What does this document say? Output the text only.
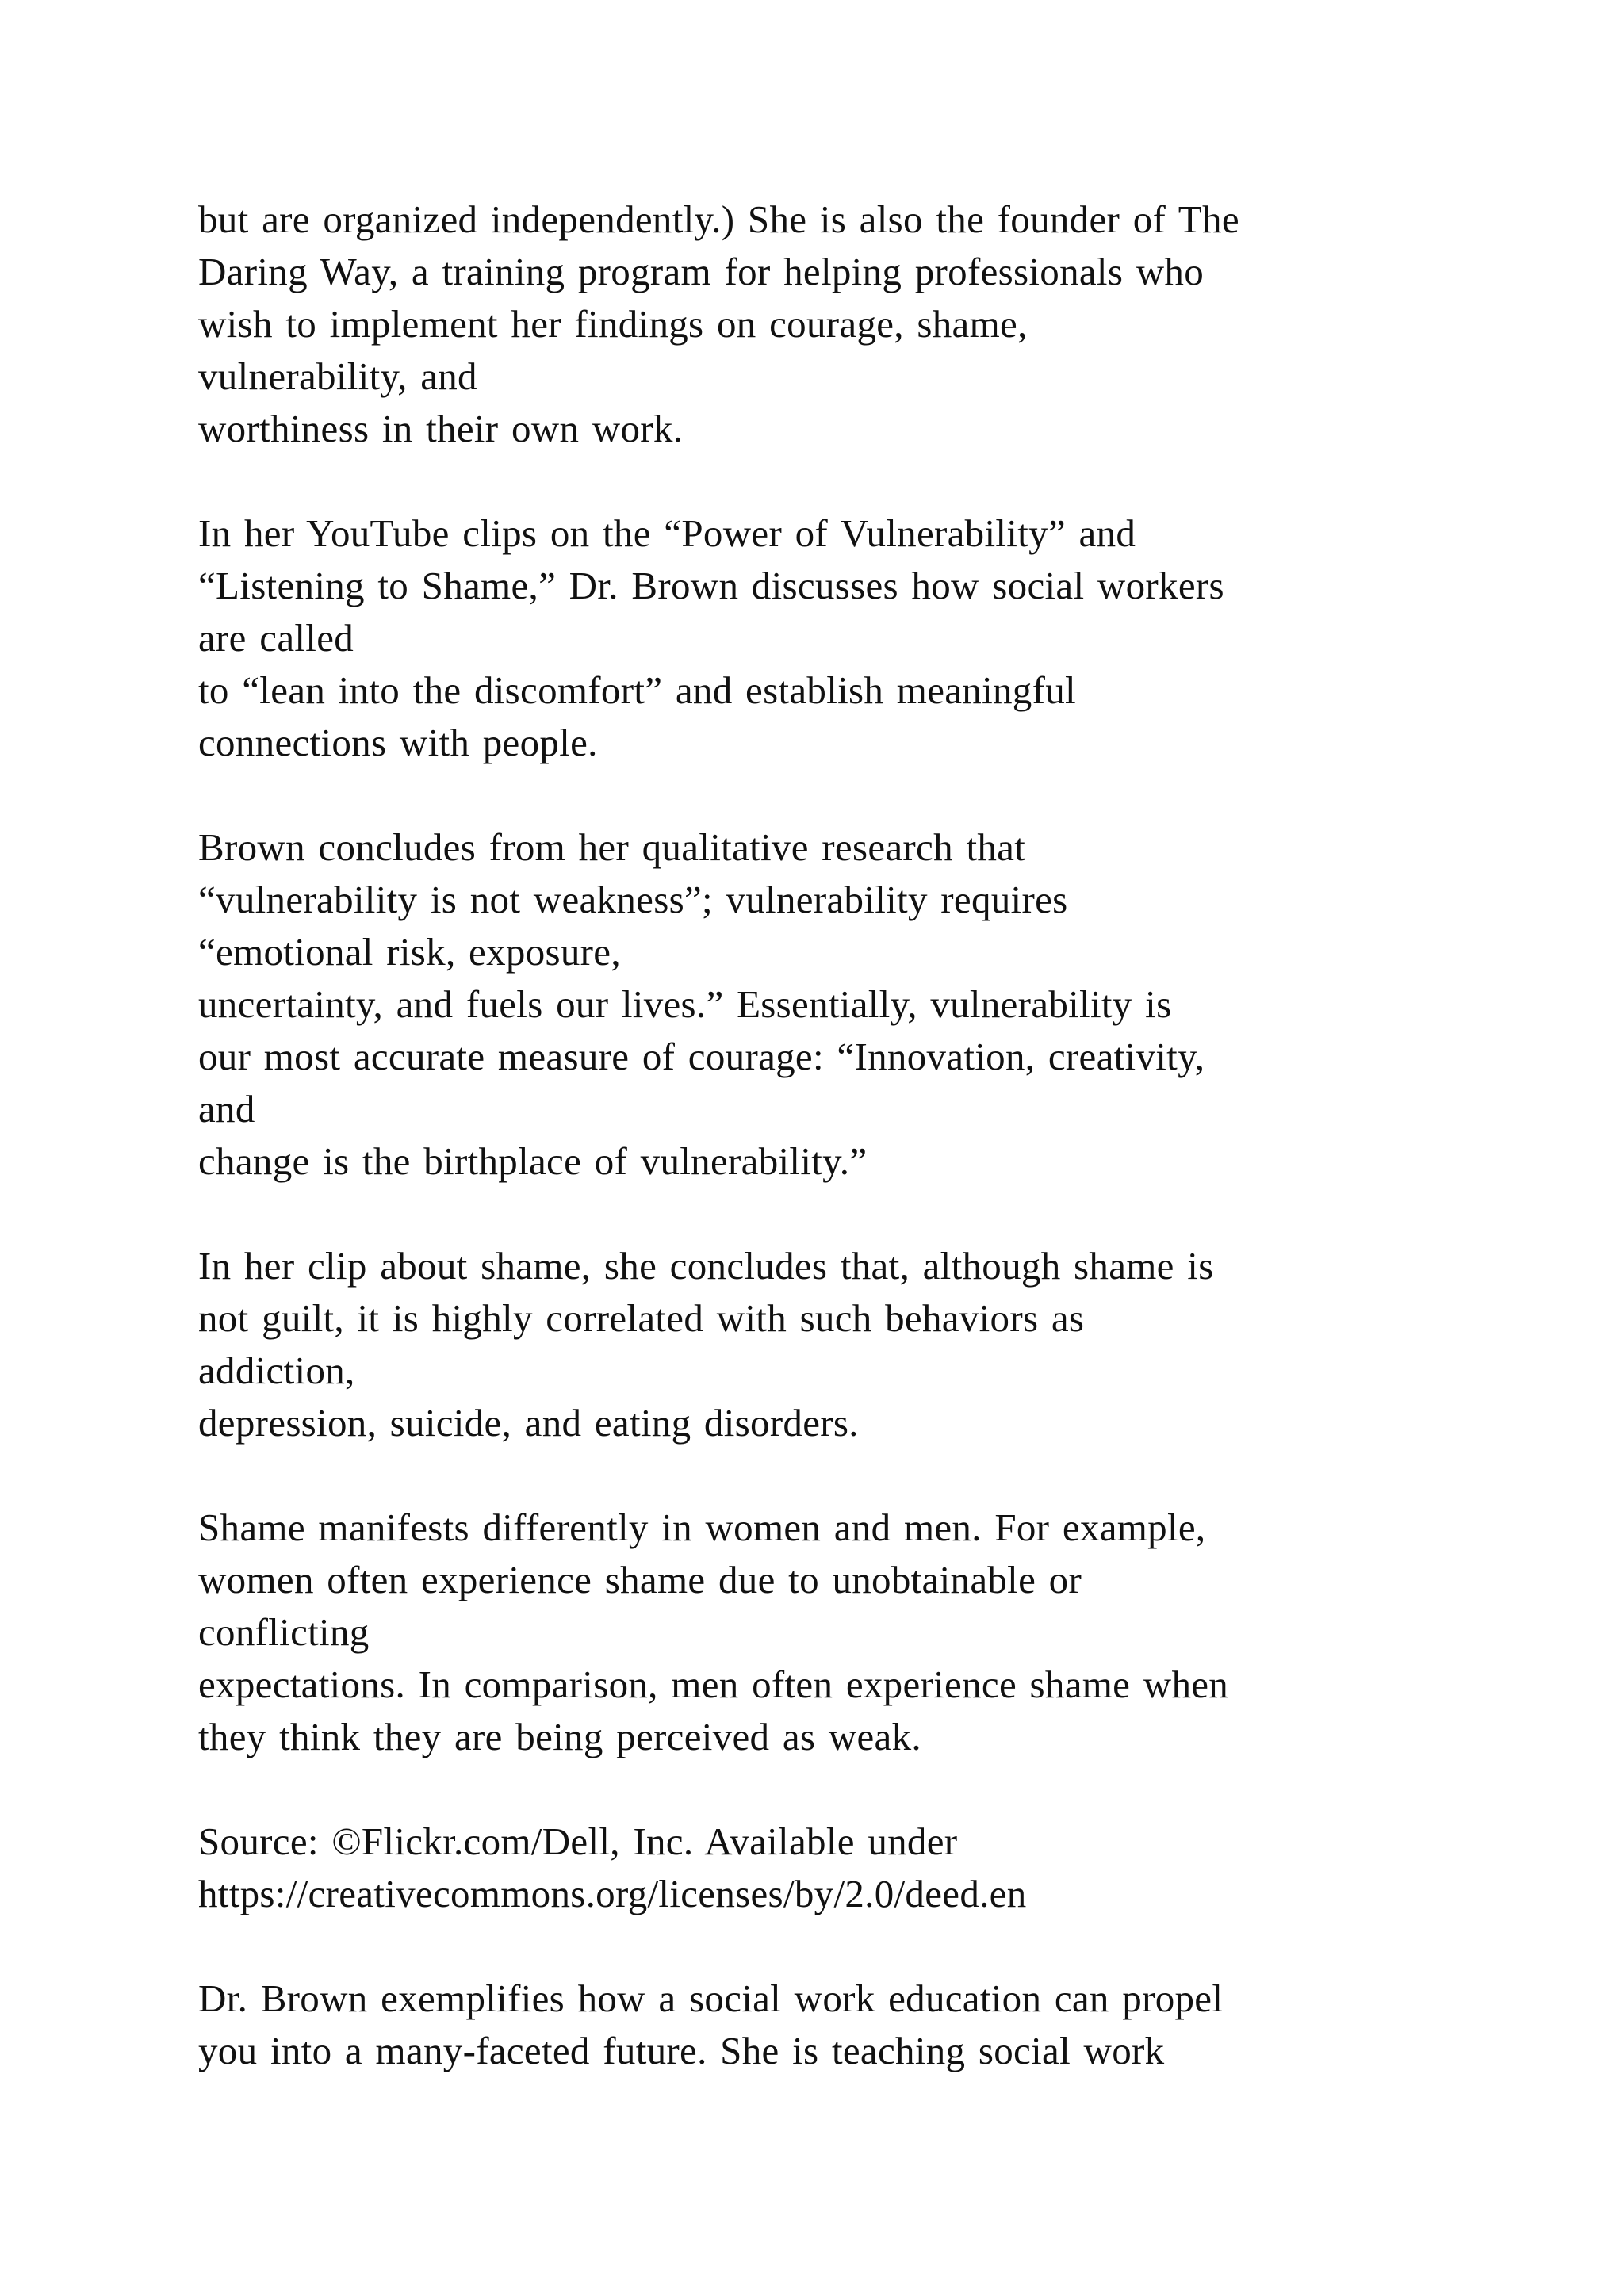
but are organized independently.) She is also the founder of The
Daring Way, a training program for helping professionals who
wish to implement her findings on courage, shame,
vulnerability, and
worthiness in their own work.

In her YouTube clips on the “Power of Vulnerability” and
“Listening to Shame,” Dr. Brown discusses how social workers
are called
to “lean into the discomfort” and establish meaningful
connections with people.

Brown concludes from her qualitative research that
“vulnerability is not weakness”; vulnerability requires
“emotional risk, exposure,
uncertainty, and fuels our lives.” Essentially, vulnerability is
our most accurate measure of courage: “Innovation, creativity,
and
change is the birthplace of vulnerability.”

In her clip about shame, she concludes that, although shame is
not guilt, it is highly correlated with such behaviors as
addiction,
depression, suicide, and eating disorders.

Shame manifests differently in women and men. For example,
women often experience shame due to unobtainable or
conflicting
expectations. In comparison, men often experience shame when
they think they are being perceived as weak.

Source: ©Flickr.com/Dell, Inc. Available under
https://creativecommons.org/licenses/by/2.0/deed.en

Dr. Brown exemplifies how a social work education can propel
you into a many-faceted future. She is teaching social work
